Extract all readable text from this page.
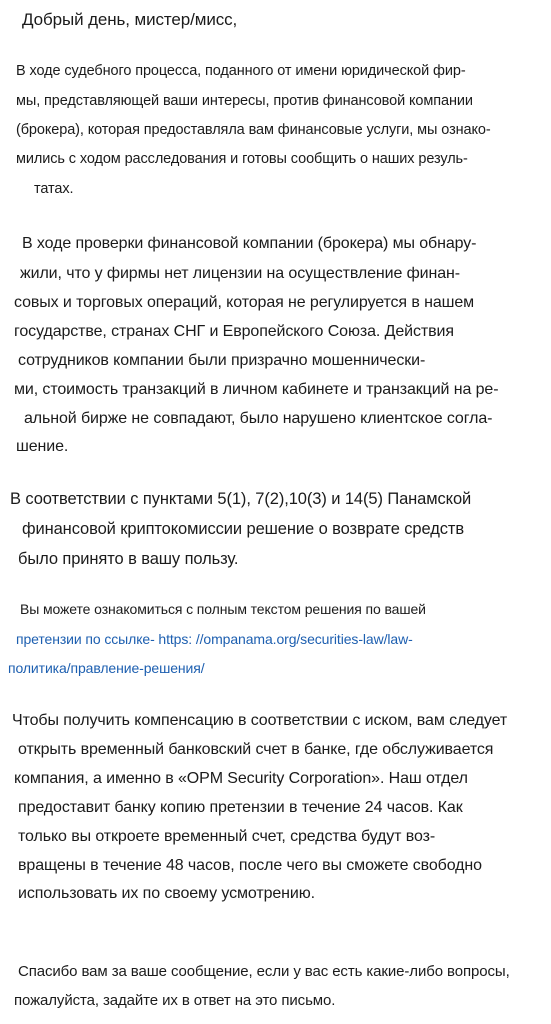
Добрый день, мистер/мисс,
В ходе судебного процесса, поданного от имени юридической фир-
мы, представляющей ваши интересы, против финансовой компании
(брокера), которая предоставляла вам финансовые услуги, мы ознако-
мились с ходом расследования и готовы сообщить о наших резуль-
татах.
В ходе проверки финансовой компании (брокера) мы обнару-
жили, что у фирмы нет лицензии на осуществление финан-
совых и торговых операций, которая не регулируется в нашем
государстве, странах СНГ и Европейского Союза. Действия
сотрудников компании были призрачно мошеннически-
ми, стоимость транзакций в личном кабинете и транзакций на ре-
альной бирже не совпадают, было нарушено клиентское согла-
шение.
В соответствии с пунктами 5(1), 7(2),10(3) и 14(5) Панамской
финансовой криптокомиссии решение о возврате средств
было принято в вашу пользу.
Вы можете ознакомиться с полным текстом решения по вашей
претензии по ссылке- https: //ompanama.org/securities-law/law-
политика/правление-решения/
Чтобы получить компенсацию в соответствии с иском, вам следует
открыть временный банковский счет в банке, где обслуживается
компания, а именно в «OPM Security Corporation». Наш отдел
предоставит банку копию претензии в течение 24 часов. Как
только вы откроете временный счет, средства будут воз-
вращены в течение 48 часов, после чего вы сможете свободно
использовать их по своему усмотрению.
Спасибо вам за ваше сообщение, если у вас есть какие-либо вопросы,
пожалуйста, задайте их в ответ на это письмо.
